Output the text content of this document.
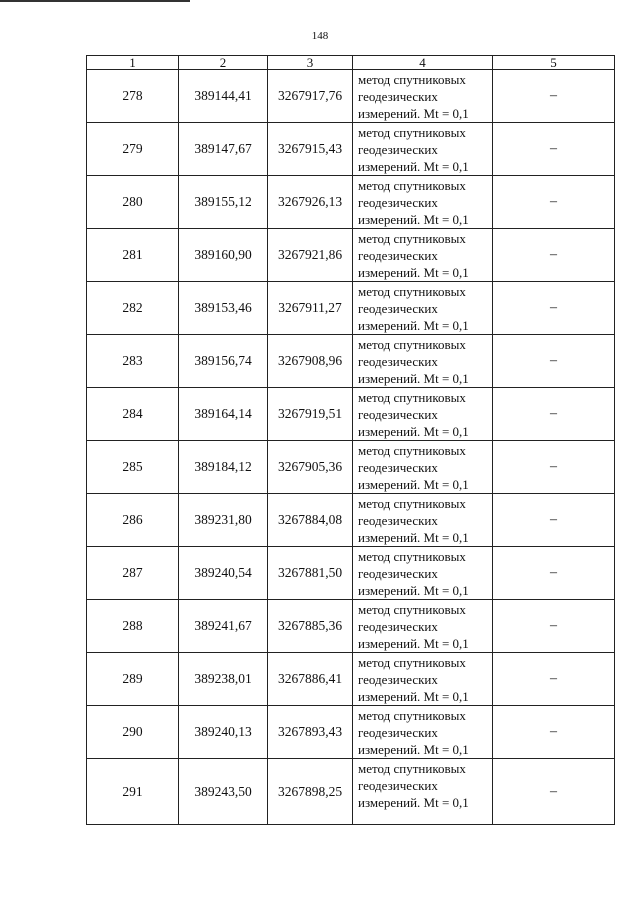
148
1	2	3	4	5
278	389144,41	3267917,76	метод спутниковых
геодезических
измерений. Mt = 0,1	–
279	389147,67	3267915,43	метод спутниковых
геодезических
измерений. Mt = 0,1	–
280	389155,12	3267926,13	метод спутниковых
геодезических
измерений. Mt = 0,1	–
281	389160,90	3267921,86	метод спутниковых
геодезических
измерений. Mt = 0,1	–
282	389153,46	3267911,27	метод спутниковых
геодезических
измерений. Mt = 0,1	–
283	389156,74	3267908,96	метод спутниковых
геодезических
измерений. Mt = 0,1	–
284	389164,14	3267919,51	метод спутниковых
геодезических
измерений. Mt = 0,1	–
285	389184,12	3267905,36	метод спутниковых
геодезических
измерений. Mt = 0,1	–
286	389231,80	3267884,08	метод спутниковых
геодезических
измерений. Mt = 0,1	–
287	389240,54	3267881,50	метод спутниковых
геодезических
измерений. Mt = 0,1	–
288	389241,67	3267885,36	метод спутниковых
геодезических
измерений. Mt = 0,1	–
289	389238,01	3267886,41	метод спутниковых
геодезических
измерений. Mt = 0,1	–
290	389240,13	3267893,43	метод спутниковых
геодезических
измерений. Mt = 0,1	–
291	389243,50	3267898,25	метод спутниковых
геодезических
измерений. Mt = 0,1	–
